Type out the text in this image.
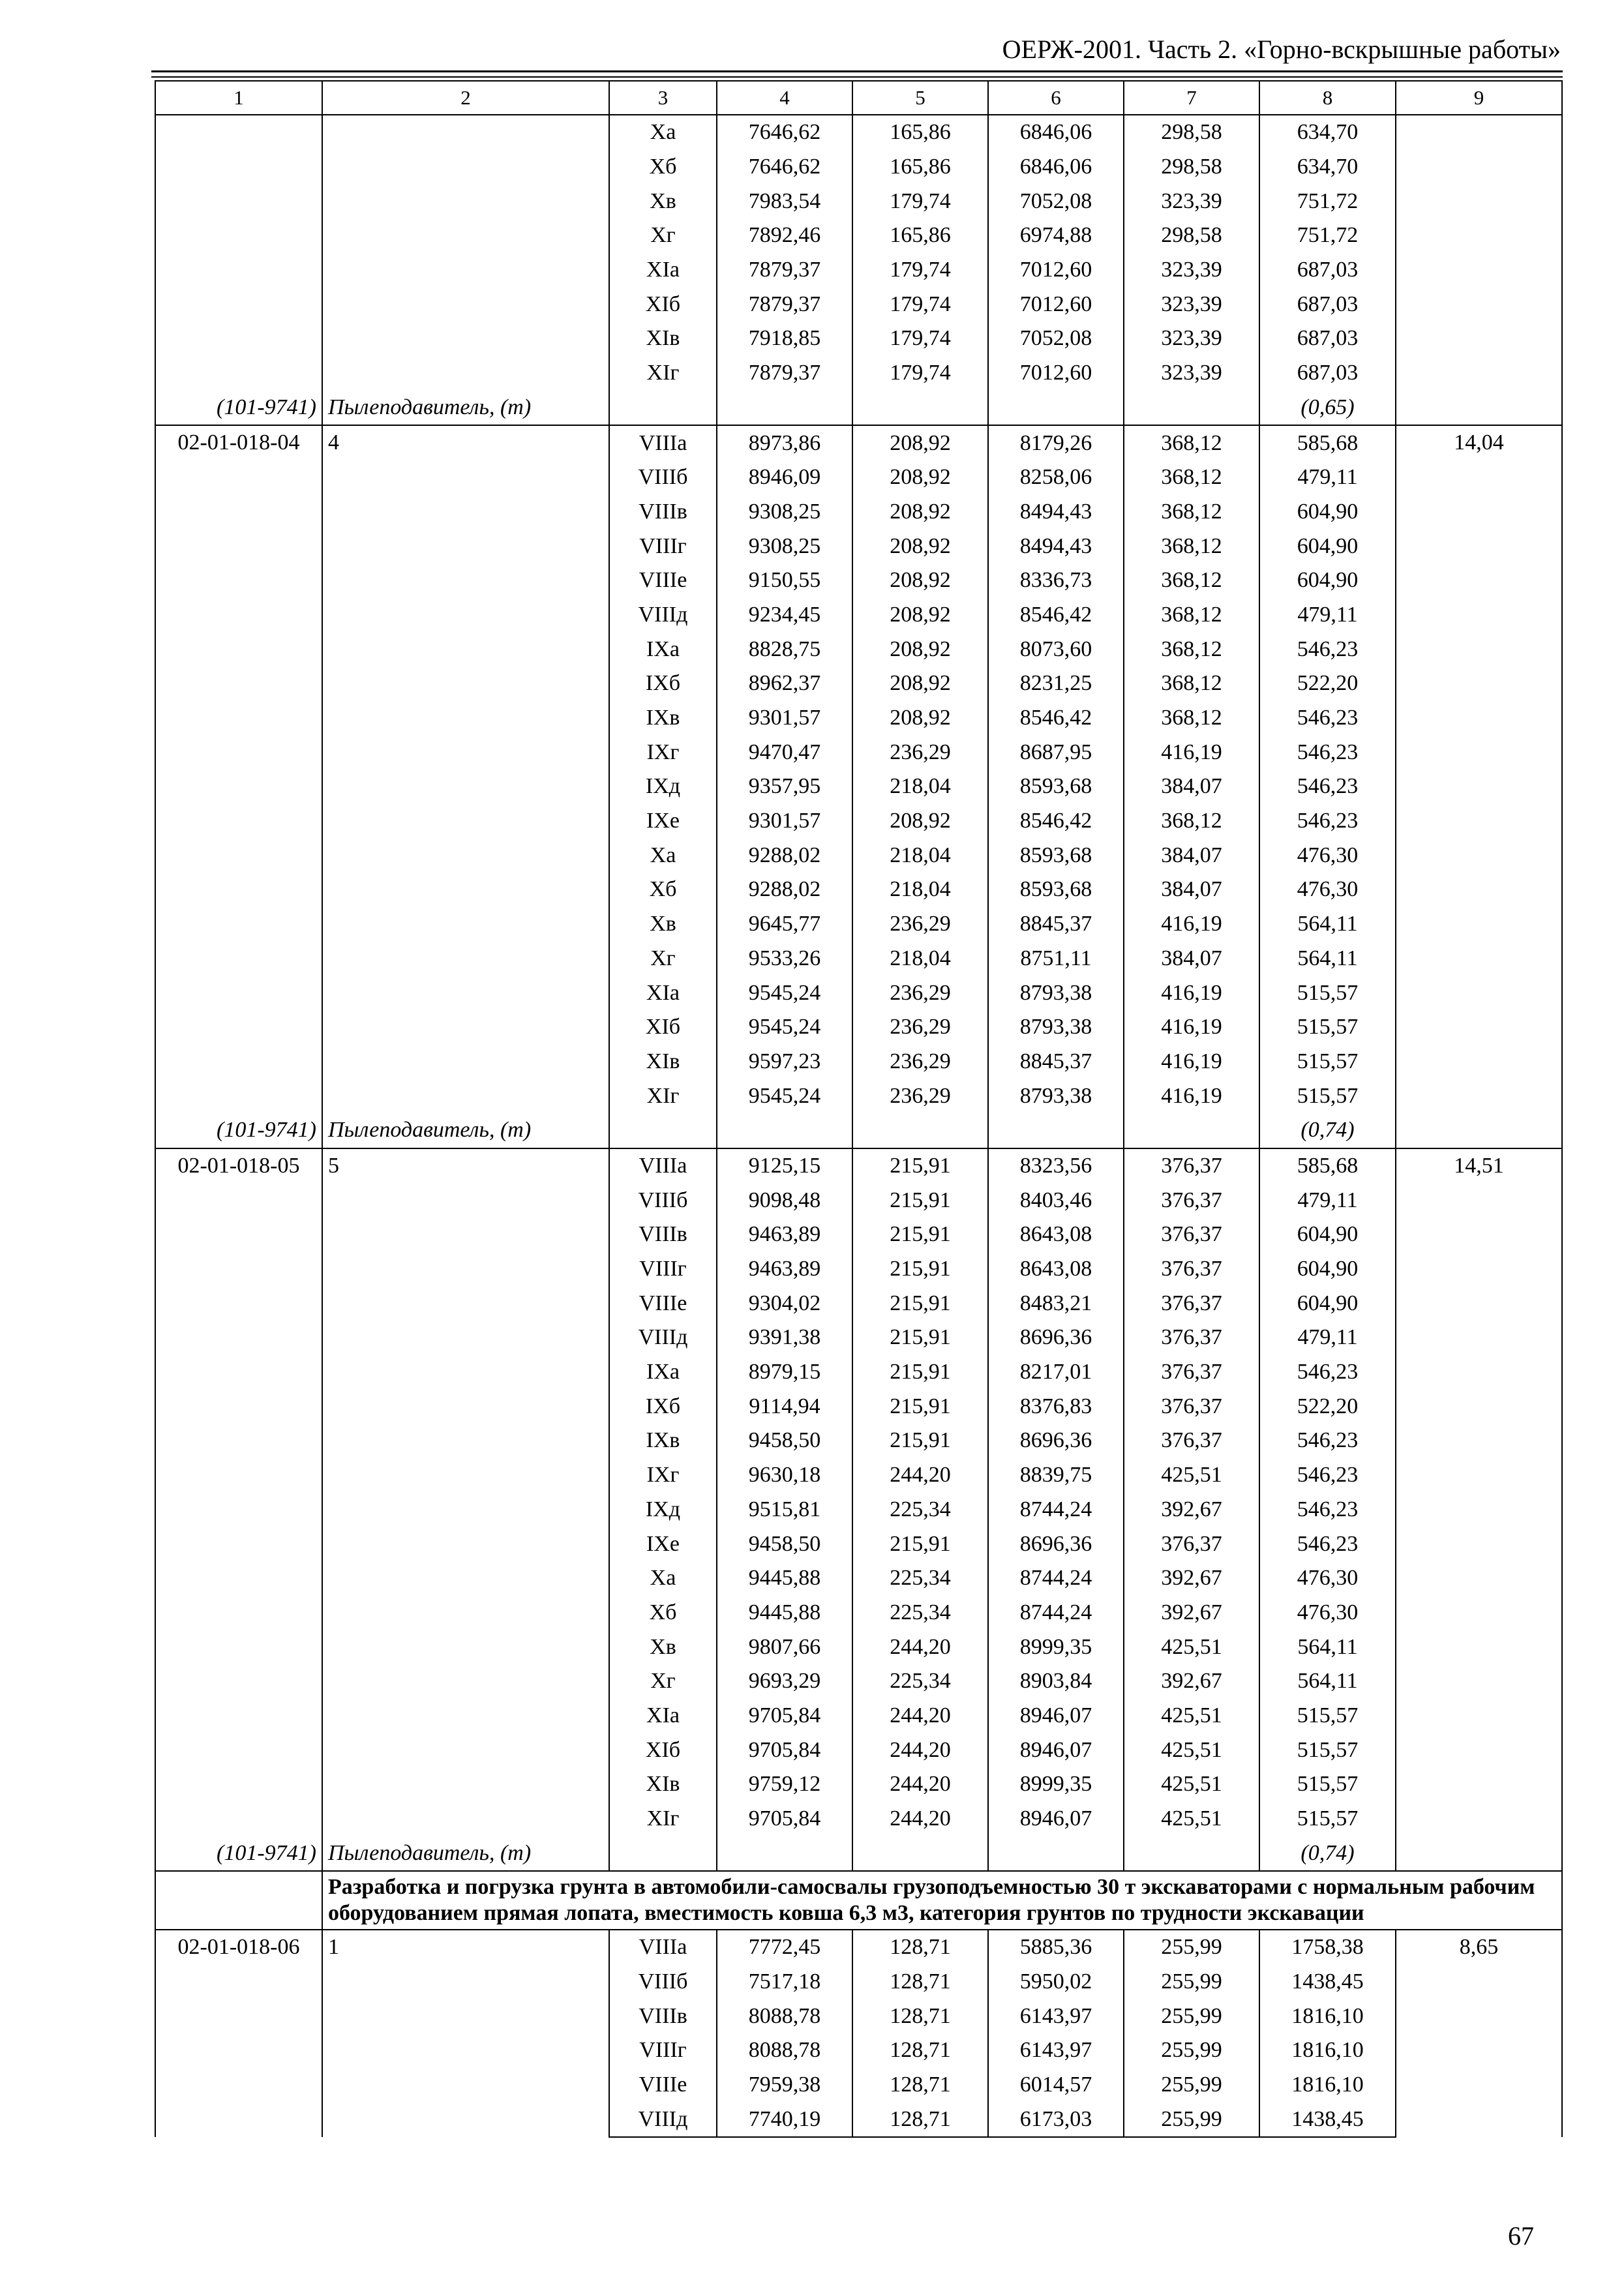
ОЕРЖ-2001. Часть 2. «Горно-вскрышные работы»
1	2	3	4	5	6	7	8	9
		Xa	7646,62	165,86	6846,06	298,58	634,70	
		Xб	7646,62	165,86	6846,06	298,58	634,70	
		Xв	7983,54	179,74	7052,08	323,39	751,72	
		Xг	7892,46	165,86	6974,88	298,58	751,72	
		XIa	7879,37	179,74	7012,60	323,39	687,03	
		XIб	7879,37	179,74	7012,60	323,39	687,03	
		XIв	7918,85	179,74	7052,08	323,39	687,03	
		XIг	7879,37	179,74	7012,60	323,39	687,03	
(101-9741)	Пылеподавитель, (т)						(0,65)	
02-01-018-04	4	VIIIa	8973,86	208,92	8179,26	368,12	585,68	14,04
		VIIIб	8946,09	208,92	8258,06	368,12	479,11	
		VIIIв	9308,25	208,92	8494,43	368,12	604,90	
		VIIIг	9308,25	208,92	8494,43	368,12	604,90	
		VIIIe	9150,55	208,92	8336,73	368,12	604,90	
		VIIIд	9234,45	208,92	8546,42	368,12	479,11	
		IXa	8828,75	208,92	8073,60	368,12	546,23	
		IXб	8962,37	208,92	8231,25	368,12	522,20	
		IXв	9301,57	208,92	8546,42	368,12	546,23	
		IXг	9470,47	236,29	8687,95	416,19	546,23	
		IXд	9357,95	218,04	8593,68	384,07	546,23	
		IXe	9301,57	208,92	8546,42	368,12	546,23	
		Xa	9288,02	218,04	8593,68	384,07	476,30	
		Xб	9288,02	218,04	8593,68	384,07	476,30	
		Xв	9645,77	236,29	8845,37	416,19	564,11	
		Xг	9533,26	218,04	8751,11	384,07	564,11	
		XIa	9545,24	236,29	8793,38	416,19	515,57	
		XIб	9545,24	236,29	8793,38	416,19	515,57	
		XIв	9597,23	236,29	8845,37	416,19	515,57	
		XIг	9545,24	236,29	8793,38	416,19	515,57	
(101-9741)	Пылеподавитель, (т)						(0,74)	
02-01-018-05	5	VIIIa	9125,15	215,91	8323,56	376,37	585,68	14,51
		VIIIб	9098,48	215,91	8403,46	376,37	479,11	
		VIIIв	9463,89	215,91	8643,08	376,37	604,90	
		VIIIг	9463,89	215,91	8643,08	376,37	604,90	
		VIIIe	9304,02	215,91	8483,21	376,37	604,90	
		VIIIд	9391,38	215,91	8696,36	376,37	479,11	
		IXa	8979,15	215,91	8217,01	376,37	546,23	
		IXб	9114,94	215,91	8376,83	376,37	522,20	
		IXв	9458,50	215,91	8696,36	376,37	546,23	
		IXг	9630,18	244,20	8839,75	425,51	546,23	
		IXд	9515,81	225,34	8744,24	392,67	546,23	
		IXe	9458,50	215,91	8696,36	376,37	546,23	
		Xa	9445,88	225,34	8744,24	392,67	476,30	
		Xб	9445,88	225,34	8744,24	392,67	476,30	
		Xв	9807,66	244,20	8999,35	425,51	564,11	
		Xг	9693,29	225,34	8903,84	392,67	564,11	
		XIa	9705,84	244,20	8946,07	425,51	515,57	
		XIб	9705,84	244,20	8946,07	425,51	515,57	
		XIв	9759,12	244,20	8999,35	425,51	515,57	
		XIг	9705,84	244,20	8946,07	425,51	515,57	
(101-9741)	Пылеподавитель, (т)						(0,74)	
	Разработка и погрузка грунта в автомобили-самосвалы грузоподъемностью 30 т экскаваторами с нормальным рабочим оборудованием прямая лопата, вместимость ковша 6,3 м3, категория грунтов по трудности экскавации							
02-01-018-06	1	VIIIa	7772,45	128,71	5885,36	255,99	1758,38	8,65
		VIIIб	7517,18	128,71	5950,02	255,99	1438,45	
		VIIIв	8088,78	128,71	6143,97	255,99	1816,10	
		VIIIг	8088,78	128,71	6143,97	255,99	1816,10	
		VIIIe	7959,38	128,71	6014,57	255,99	1816,10	
		VIIIд	7740,19	128,71	6173,03	255,99	1438,45	
67
